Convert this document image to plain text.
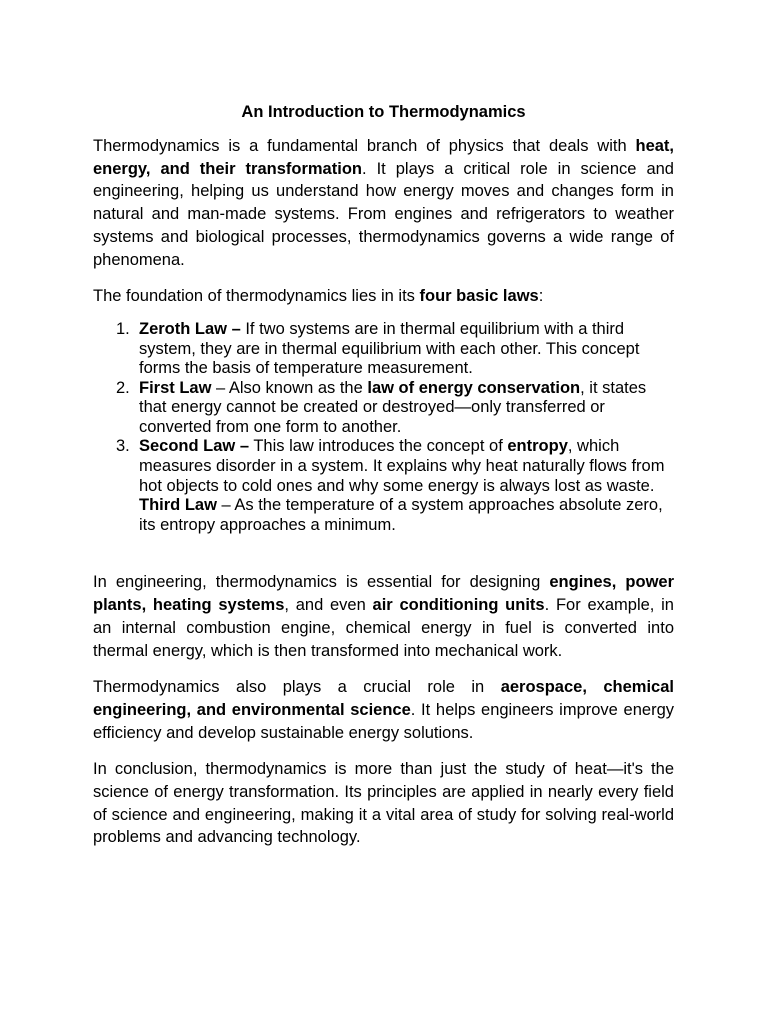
An Introduction to Thermodynamics

Thermodynamics is a fundamental branch of physics that deals with heat, energy, and their transformation. It plays a critical role in science and engineering, helping us understand how energy moves and changes form in natural and man-made systems. From engines and refrigerators to weather systems and biological processes, thermodynamics governs a wide range of phenomena.

The foundation of thermodynamics lies in its four basic laws:

1. Zeroth Law – If two systems are in thermal equilibrium with a third system, they are in thermal equilibrium with each other. This concept forms the basis of temperature measurement.
2. First Law – Also known as the law of energy conservation, it states that energy cannot be created or destroyed—only transferred or converted from one form to another.
3. Second Law – This law introduces the concept of entropy, which measures disorder in a system. It explains why heat naturally flows from hot objects to cold ones and why some energy is always lost as waste.
Third Law – As the temperature of a system approaches absolute zero, its entropy approaches a minimum.

In engineering, thermodynamics is essential for designing engines, power plants, heating systems, and even air conditioning units. For example, in an internal combustion engine, chemical energy in fuel is converted into thermal energy, which is then transformed into mechanical work.

Thermodynamics also plays a crucial role in aerospace, chemical engineering, and environmental science. It helps engineers improve energy efficiency and develop sustainable energy solutions.

In conclusion, thermodynamics is more than just the study of heat—it's the science of energy transformation. Its principles are applied in nearly every field of science and engineering, making it a vital area of study for solving real-world problems and advancing technology.
